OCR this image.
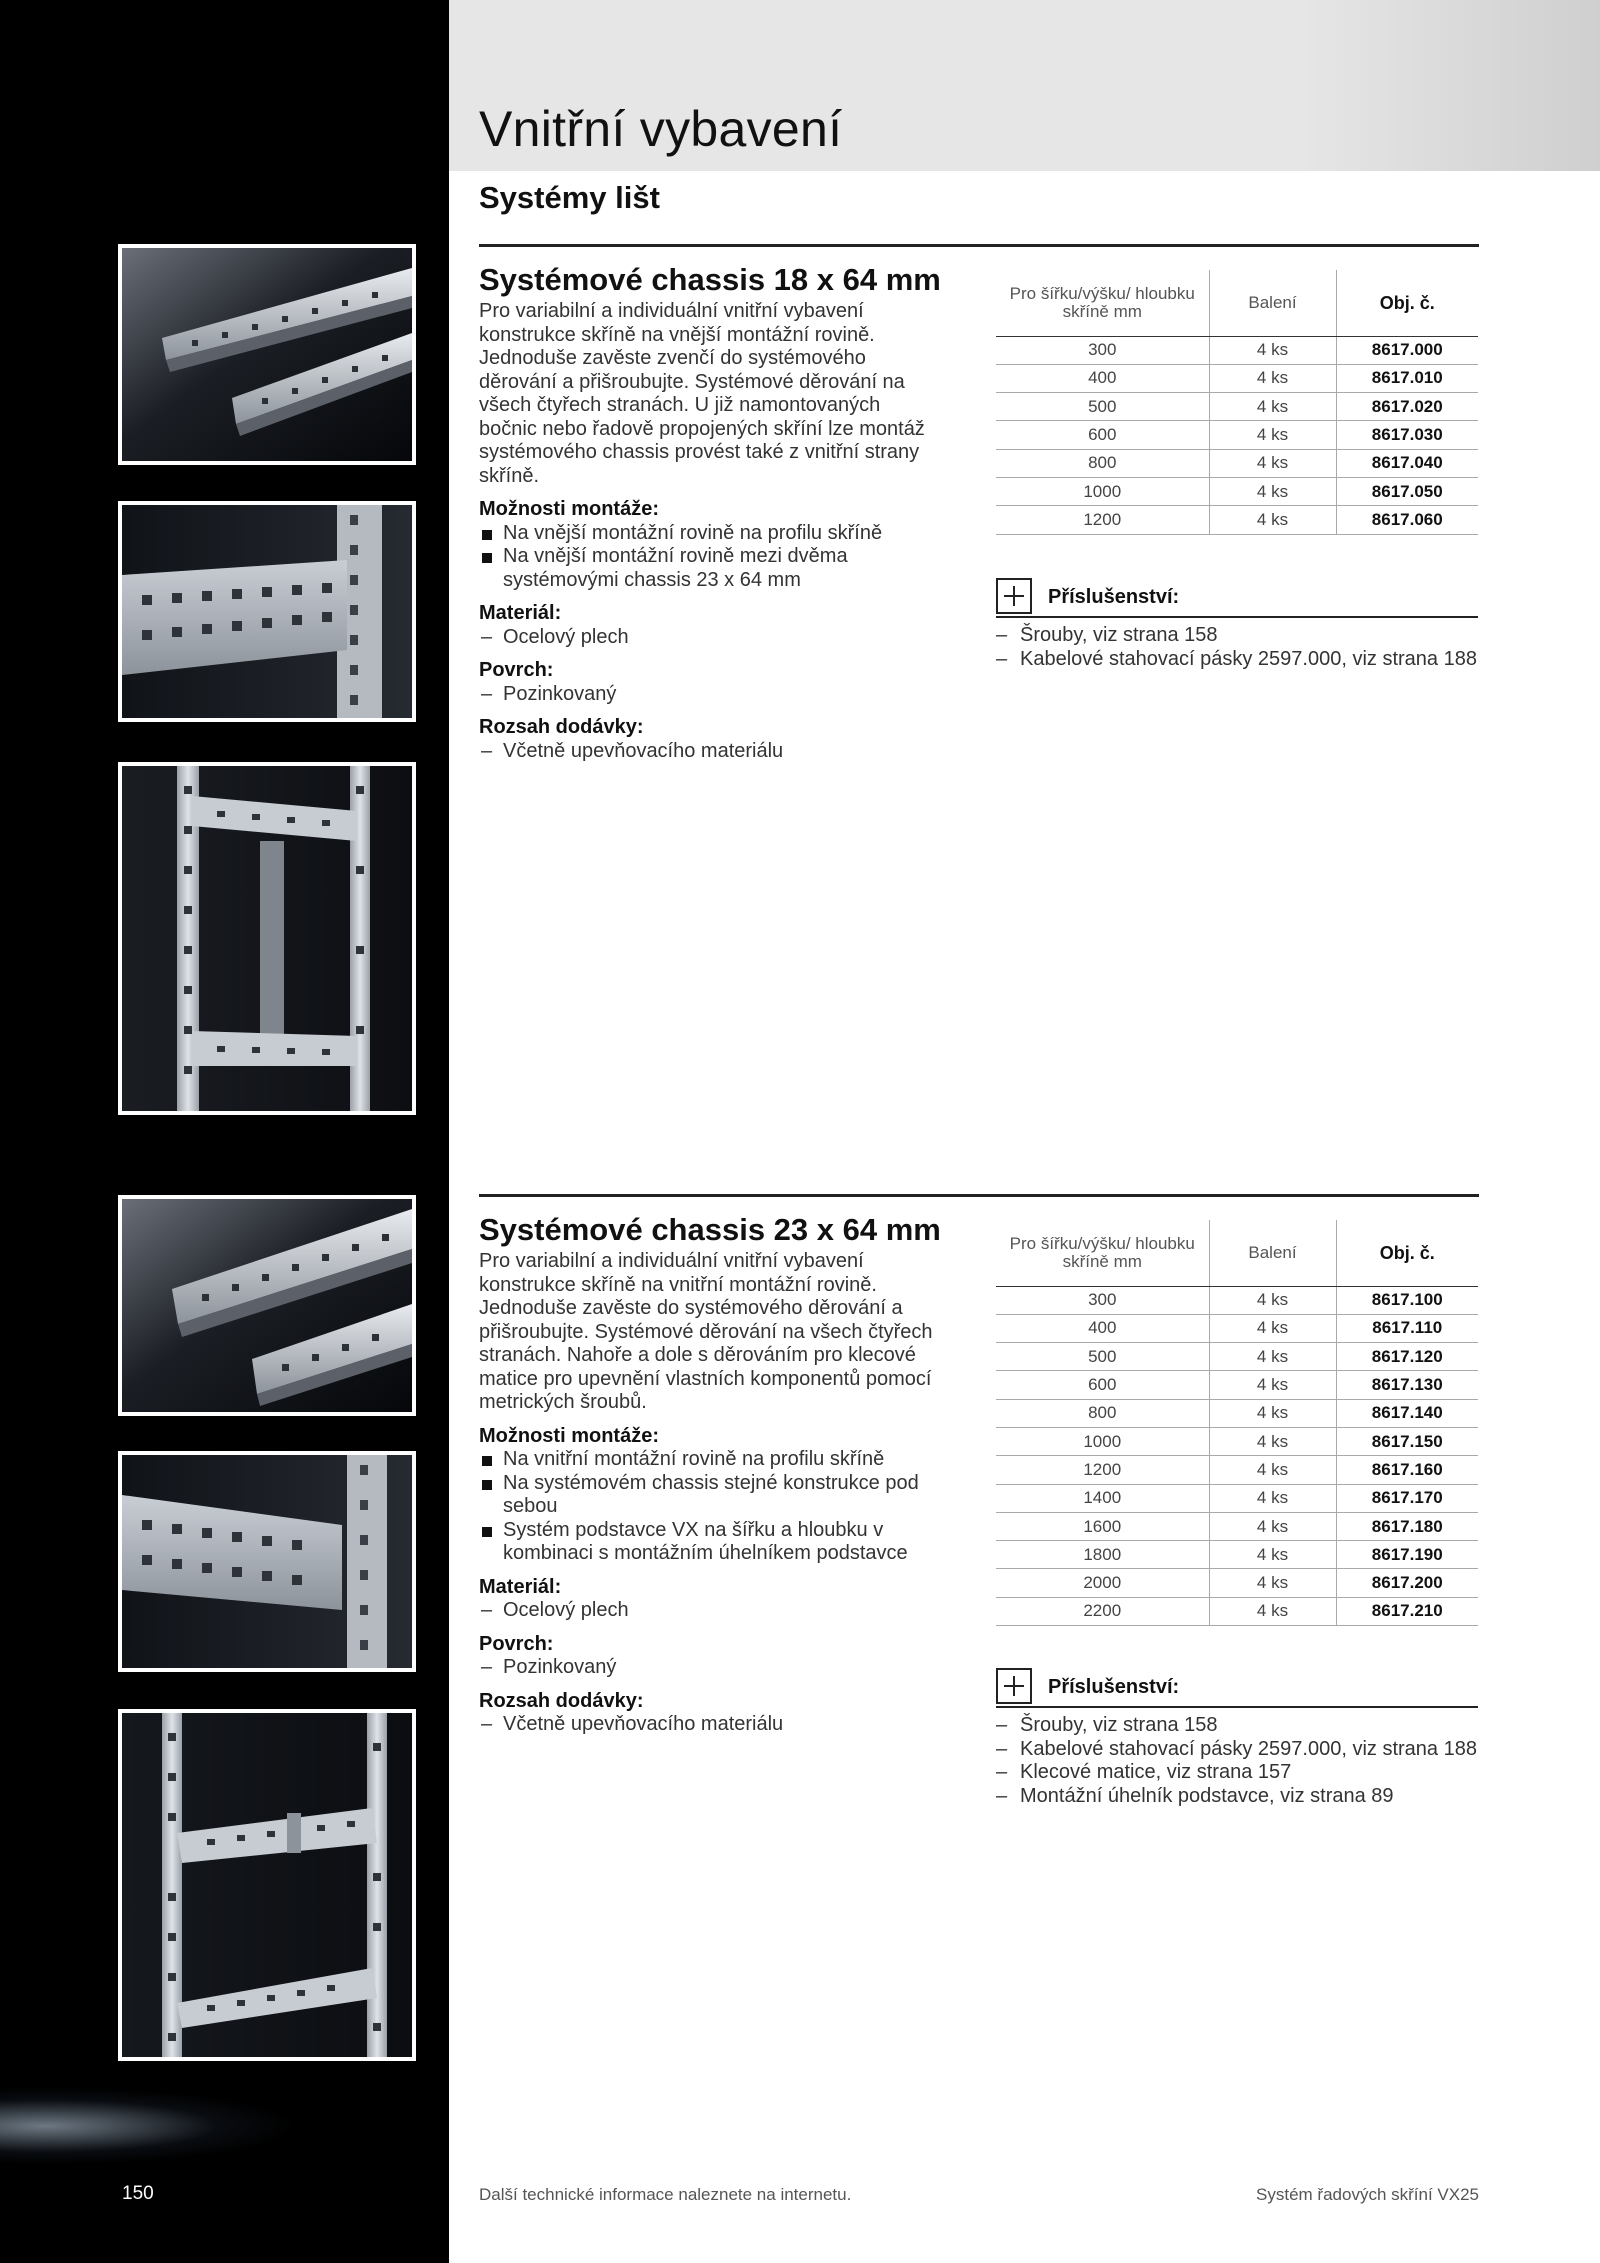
Vnitřní vybavení
Systémy lišt
Systémové chassis 18 x 64 mm

Pro variabilní a individuální vnitřní vybavení konstrukce skříně na vnější montážní rovině. Jednoduše zavěste zvenčí do systémového děrování a přišroubujte. Systémové děrování na všech čtyřech stranách. U již namontovaných bočnic nebo řadově propojených skříní lze montáž systémového chassis provést také z vnitřní strany skříně.

Možnosti montáže:
Na vnější montážní rovině na profilu skříně
Na vnější montážní rovině mezi dvěma systémovými chassis 23 x 64 mm
Materiál:
– Ocelový plech
Povrch:
– Pozinkovaný
Rozsah dodávky:
– Včetně upevňovacího materiálu
Pro šířku/výšku/ hloubku skříně mm	Balení	Obj. č.
300	4 ks	8617.000
400	4 ks	8617.010
500	4 ks	8617.020
600	4 ks	8617.030
800	4 ks	8617.040
1000	4 ks	8617.050
1200	4 ks	8617.060
Příslušenství:
– Šrouby, viz strana 158
– Kabelové stahovací pásky 2597.000, viz strana 188
Systémové chassis 23 x 64 mm

Pro variabilní a individuální vnitřní vybavení konstrukce skříně na vnitřní montážní rovině. Jednoduše zavěste do systémového děrování a přišroubujte. Systémové děrování na všech čtyřech stranách. Nahoře a dole s děrováním pro klecové matice pro upevnění vlastních komponentů pomocí metrických šroubů.

Možnosti montáže:
Na vnitřní montážní rovině na profilu skříně
Na systémovém chassis stejné konstrukce pod sebou
Systém podstavce VX na šířku a hloubku v kombinaci s montážním úhelníkem podstavce
Materiál:
– Ocelový plech
Povrch:
– Pozinkovaný
Rozsah dodávky:
– Včetně upevňovacího materiálu
Pro šířku/výšku/ hloubku skříně mm	Balení	Obj. č.
300	4 ks	8617.100
400	4 ks	8617.110
500	4 ks	8617.120
600	4 ks	8617.130
800	4 ks	8617.140
1000	4 ks	8617.150
1200	4 ks	8617.160
1400	4 ks	8617.170
1600	4 ks	8617.180
1800	4 ks	8617.190
2000	4 ks	8617.200
2200	4 ks	8617.210
Příslušenství:
– Šrouby, viz strana 158
– Kabelové stahovací pásky 2597.000, viz strana 188
– Klecové matice, viz strana 157
– Montážní úhelník podstavce, viz strana 89
150	Další technické informace naleznete na internetu.	Systém řadových skříní VX25
